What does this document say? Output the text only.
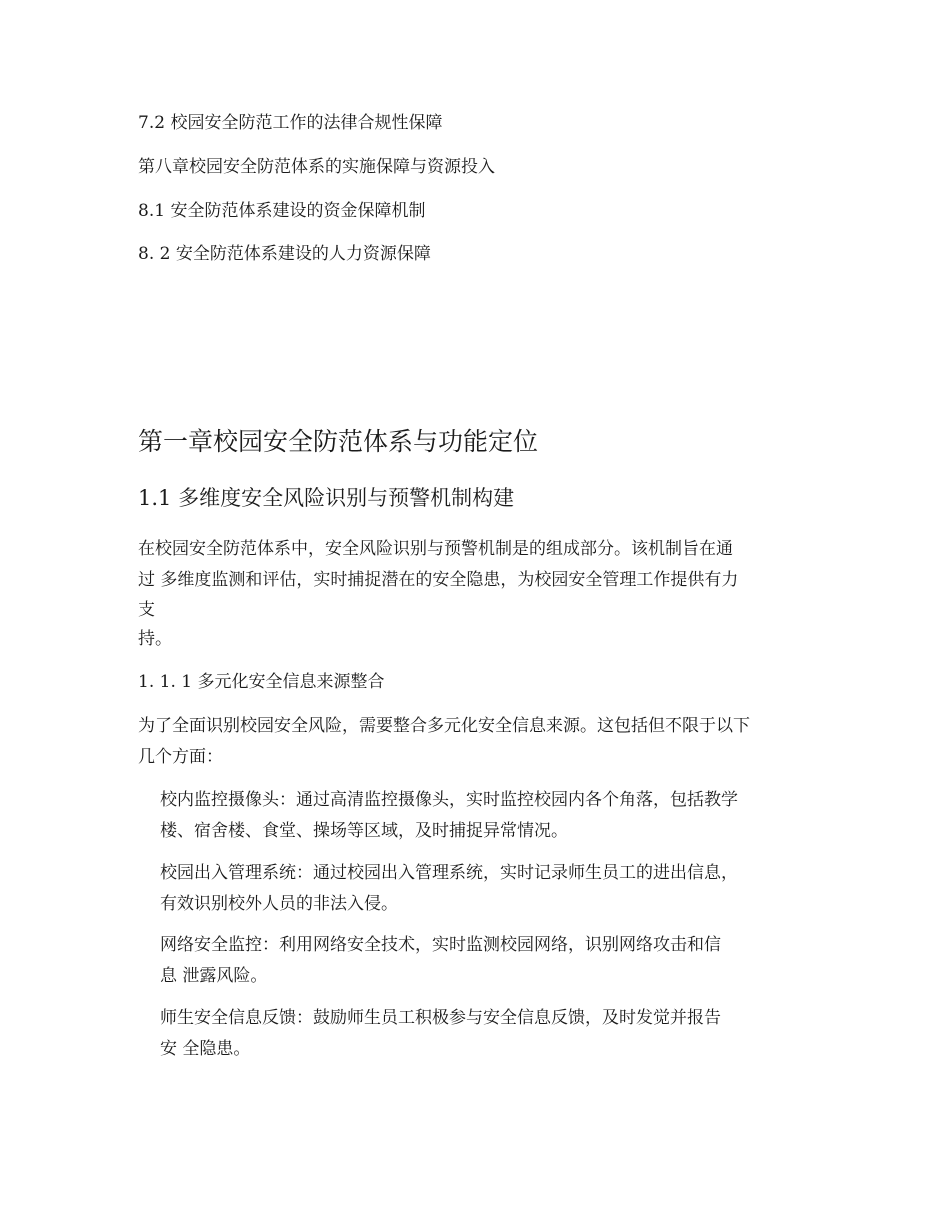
7.2 校园安全防范工作的法律合规性保障
第八章校园安全防范体系的实施保障与资源投入
8.1 安全防范体系建设的资金保障机制
8. 2 安全防范体系建设的人力资源保障
第一章校园安全防范体系与功能定位
1.1 多维度安全风险识别与预警机制构建
在校园安全防范体系中，安全风险识别与预警机制是的组成部分。该机制旨在通
过 多维度监测和评估，实时捕捉潜在的安全隐患，为校园安全管理工作提供有力
支
持。
1. 1. 1 多元化安全信息来源整合
为了全面识别校园安全风险，需要整合多元化安全信息来源。这包括但不限于以下
几个方面：
校内监控摄像头：通过高清监控摄像头，实时监控校园内各个角落，包括教学
楼、宿舍楼、食堂、操场等区域，及时捕捉异常情况。
校园出入管理系统：通过校园出入管理系统，实时记录师生员工的进出信息，
有效识别校外人员的非法入侵。
网络安全监控：利用网络安全技术，实时监测校园网络，识别网络攻击和信
息 泄露风险。
师生安全信息反馈：鼓励师生员工积极参与安全信息反馈，及时发觉并报告
安 全隐患。
